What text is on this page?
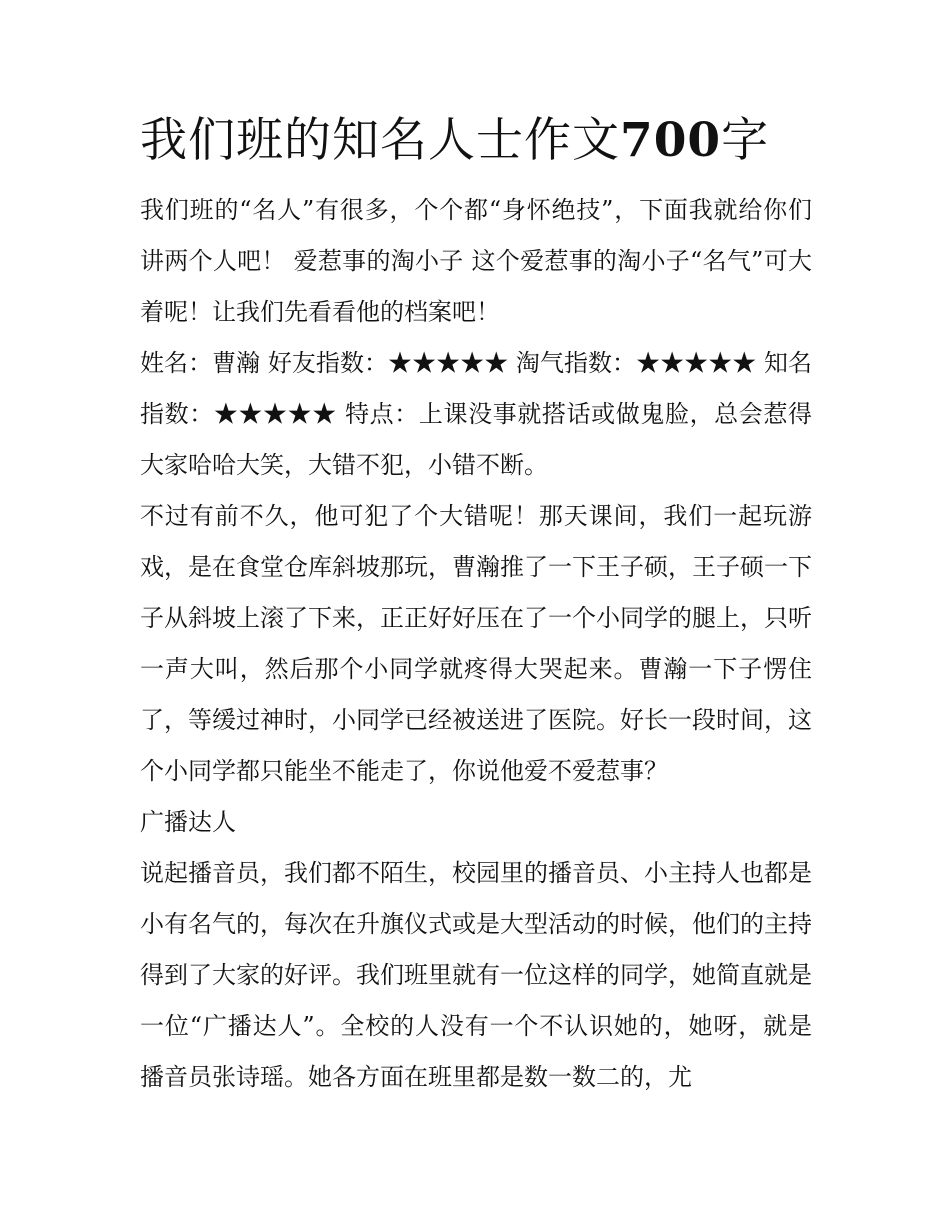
我们班的知名人士作文700字

我们班的“名人”有很多，个个都“身怀绝技”，下面我就给你们讲两个人吧！ 爱惹事的淘小子 这个爱惹事的淘小子“名气”可大着呢！让我们先看看他的档案吧！

姓名：曹瀚 好友指数：★★★★★ 淘气指数：★★★★★ 知名指数：★★★★★ 特点：上课没事就搭话或做鬼脸，总会惹得大家哈哈大笑，大错不犯，小错不断。

不过有前不久，他可犯了个大错呢！那天课间，我们一起玩游戏，是在食堂仓库斜坡那玩，曹瀚推了一下王子硕，王子硕一下子从斜坡上滚了下来，正正好好压在了一个小同学的腿上，只听一声大叫，然后那个小同学就疼得大哭起来。曹瀚一下子愣住了，等缓过神时，小同学已经被送进了医院。好长一段时间，这个小同学都只能坐不能走了，你说他爱不爱惹事？

广播达人

说起播音员，我们都不陌生，校园里的播音员、小主持人也都是小有名气的，每次在升旗仪式或是大型活动的时候，他们的主持得到了大家的好评。我们班里就有一位这样的同学，她简直就是一位“广播达人”。全校的人没有一个不认识她的，她呀，就是播音员张诗瑶。她各方面在班里都是数一数二的，尤
